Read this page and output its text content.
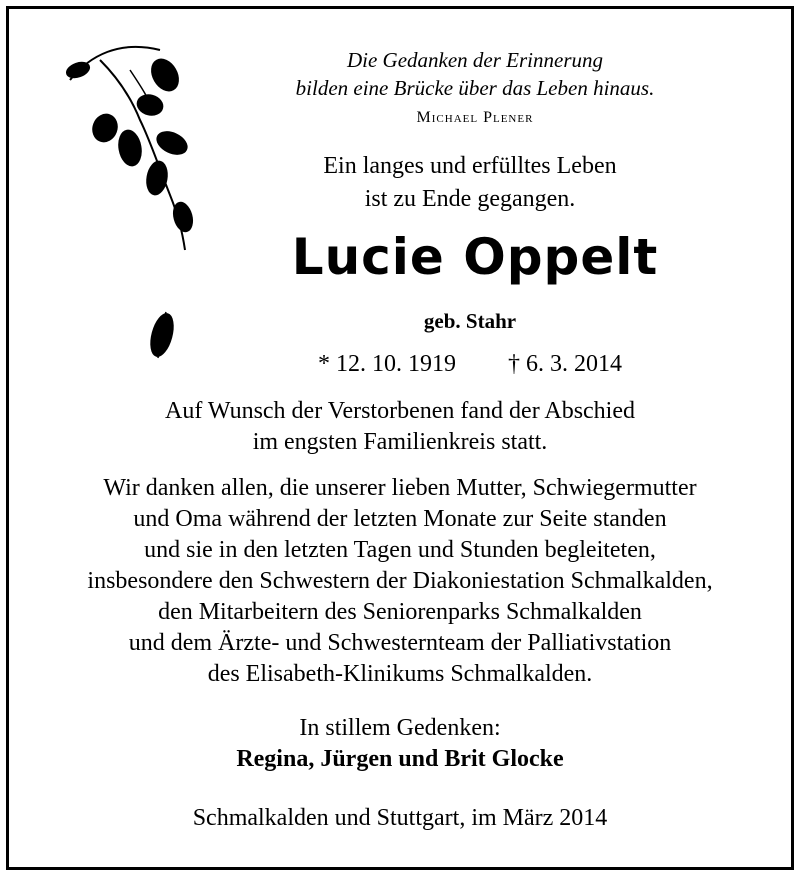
Die Gedanken der Erinnerung
bilden eine Brücke über das Leben hinaus.
Michael Plener
Ein langes und erfülltes Leben
ist zu Ende gegangen.
Lucie Oppelt
geb. Stahr
* 12. 10. 1919 † 6. 3. 2014
Auf Wunsch der Verstorbenen fand der Abschied
im engsten Familienkreis statt.
Wir danken allen, die unserer lieben Mutter, Schwiegermutter
und Oma während der letzten Monate zur Seite standen
und sie in den letzten Tagen und Stunden begleiteten,
insbesondere den Schwestern der Diakoniestation Schmalkalden,
den Mitarbeitern des Seniorenparks Schmalkalden
und dem Ärzte- und Schwesternteam der Palliativstation
des Elisabeth-Klinikums Schmalkalden.
In stillem Gedenken:
Regina, Jürgen und Brit Glocke
Schmalkalden und Stuttgart, im März 2014
